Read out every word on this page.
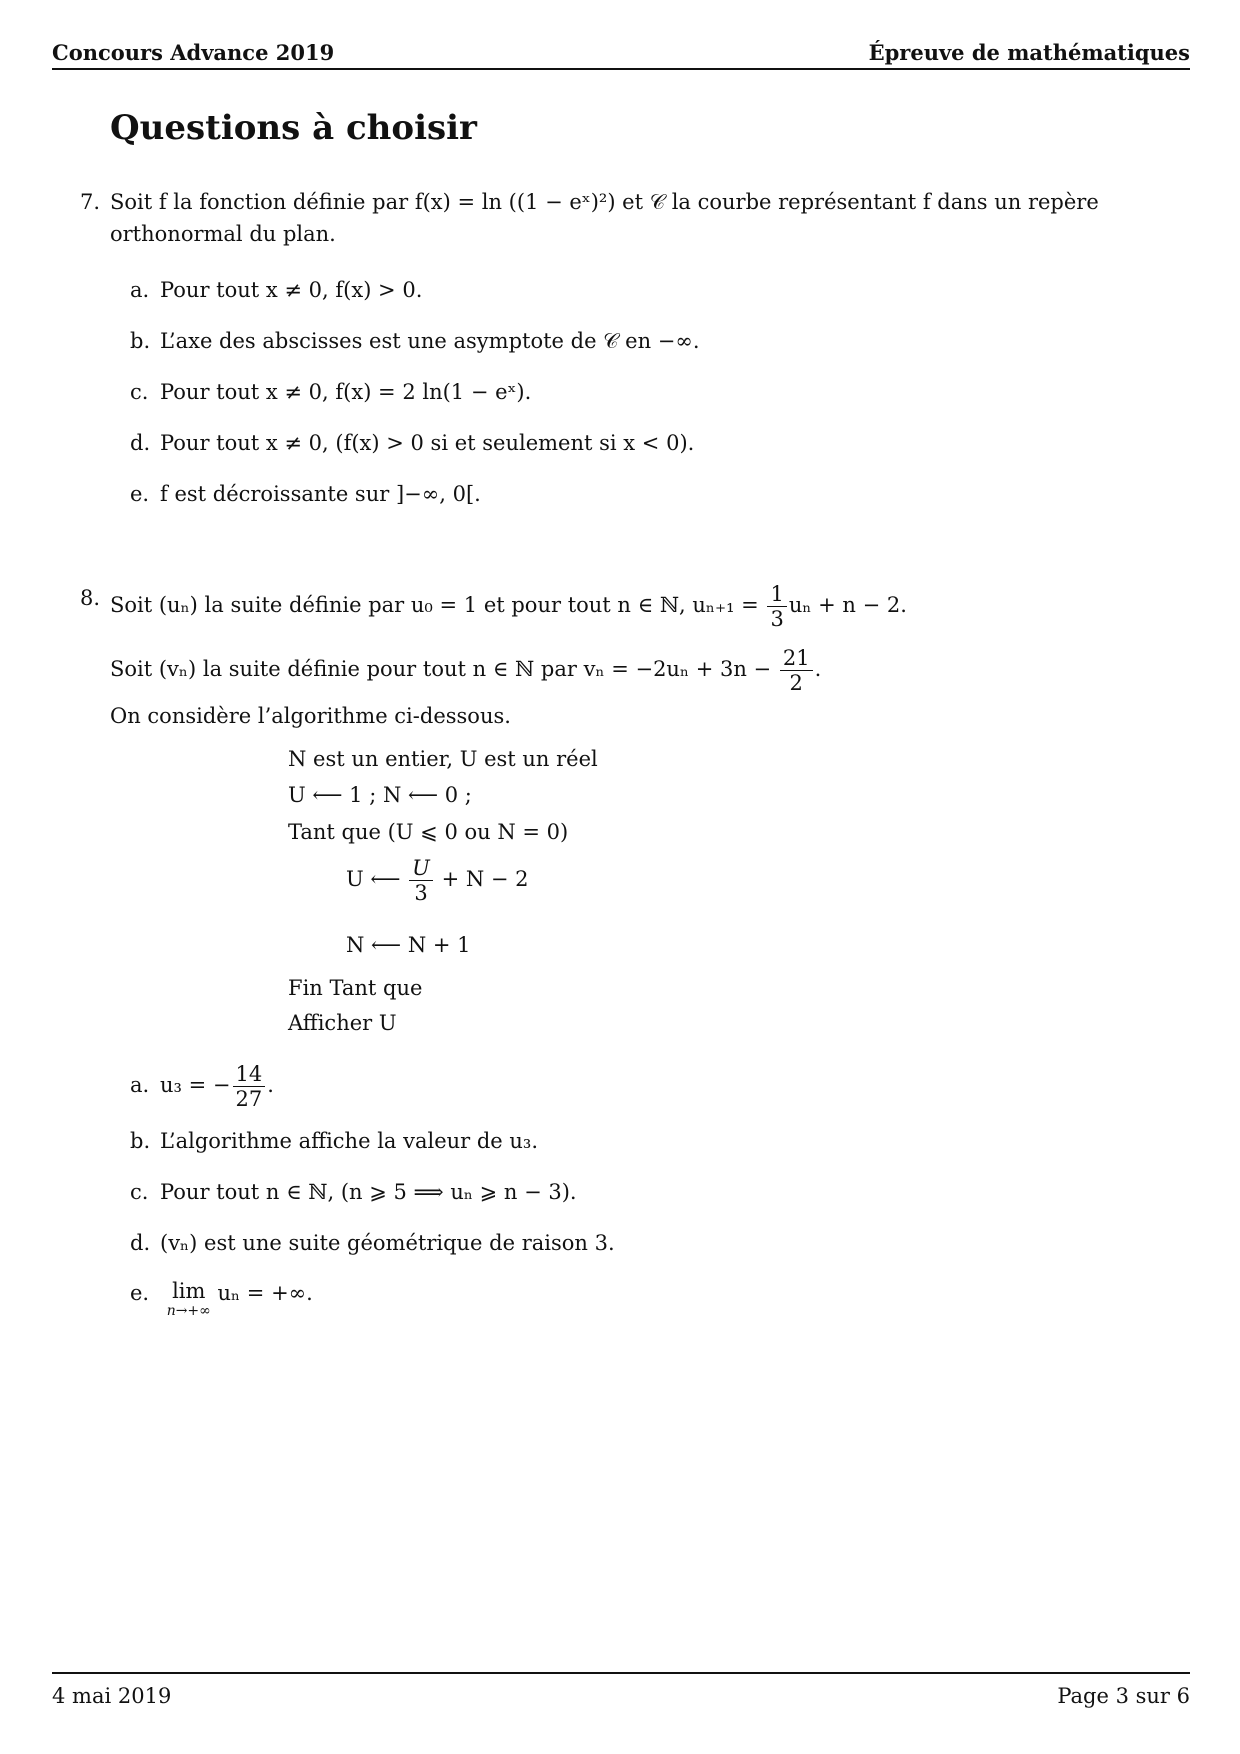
Concours Advance 2019	Épreuve de mathématiques
Questions à choisir
7. Soit f la fonction définie par f(x) = ln ((1 − eˣ)²) et 𝒞 la courbe représentant f dans un repère orthonormal du plan.
a. Pour tout x ≠ 0, f(x) > 0.
b. L’axe des abscisses est une asymptote de 𝒞 en −∞.
c. Pour tout x ≠ 0, f(x) = 2 ln(1 − eˣ).
d. Pour tout x ≠ 0, (f(x) > 0 si et seulement si x < 0).
e. f est décroissante sur ]−∞, 0[.
8. Soit (uₙ) la suite définie par u₀ = 1 et pour tout n ∈ ℕ, $u_{n+1} = \frac{1}{3}$ uₙ + n − 2.
Soit (vₙ) la suite définie pour tout n ∈ ℕ par $v_n = -2u_n + 3n - \frac{21}{2}$ .
On considère l’algorithme ci-dessous.
N est un entier, U est un réel
U ⟵ 1 ; N ⟵ 0 ;
Tant que (U ⩽ 0 ou N = 0)
U ⟵ $\frac{U}{3} + N - 2$
N ⟵ N + 1
Fin Tant que
Afficher U
a. u₃ = − $\frac{14}{27}$ .
b. L’algorithme affiche la valeur de u₃.
c. Pour tout n ∈ ℕ, (n ⩾ 5 ⟹ uₙ ⩾ n − 3).
d. (vₙ) est une suite géométrique de raison 3.
e. lim
n→+∞
uₙ = +∞.
4 mai 2019	Page 3 sur 6
